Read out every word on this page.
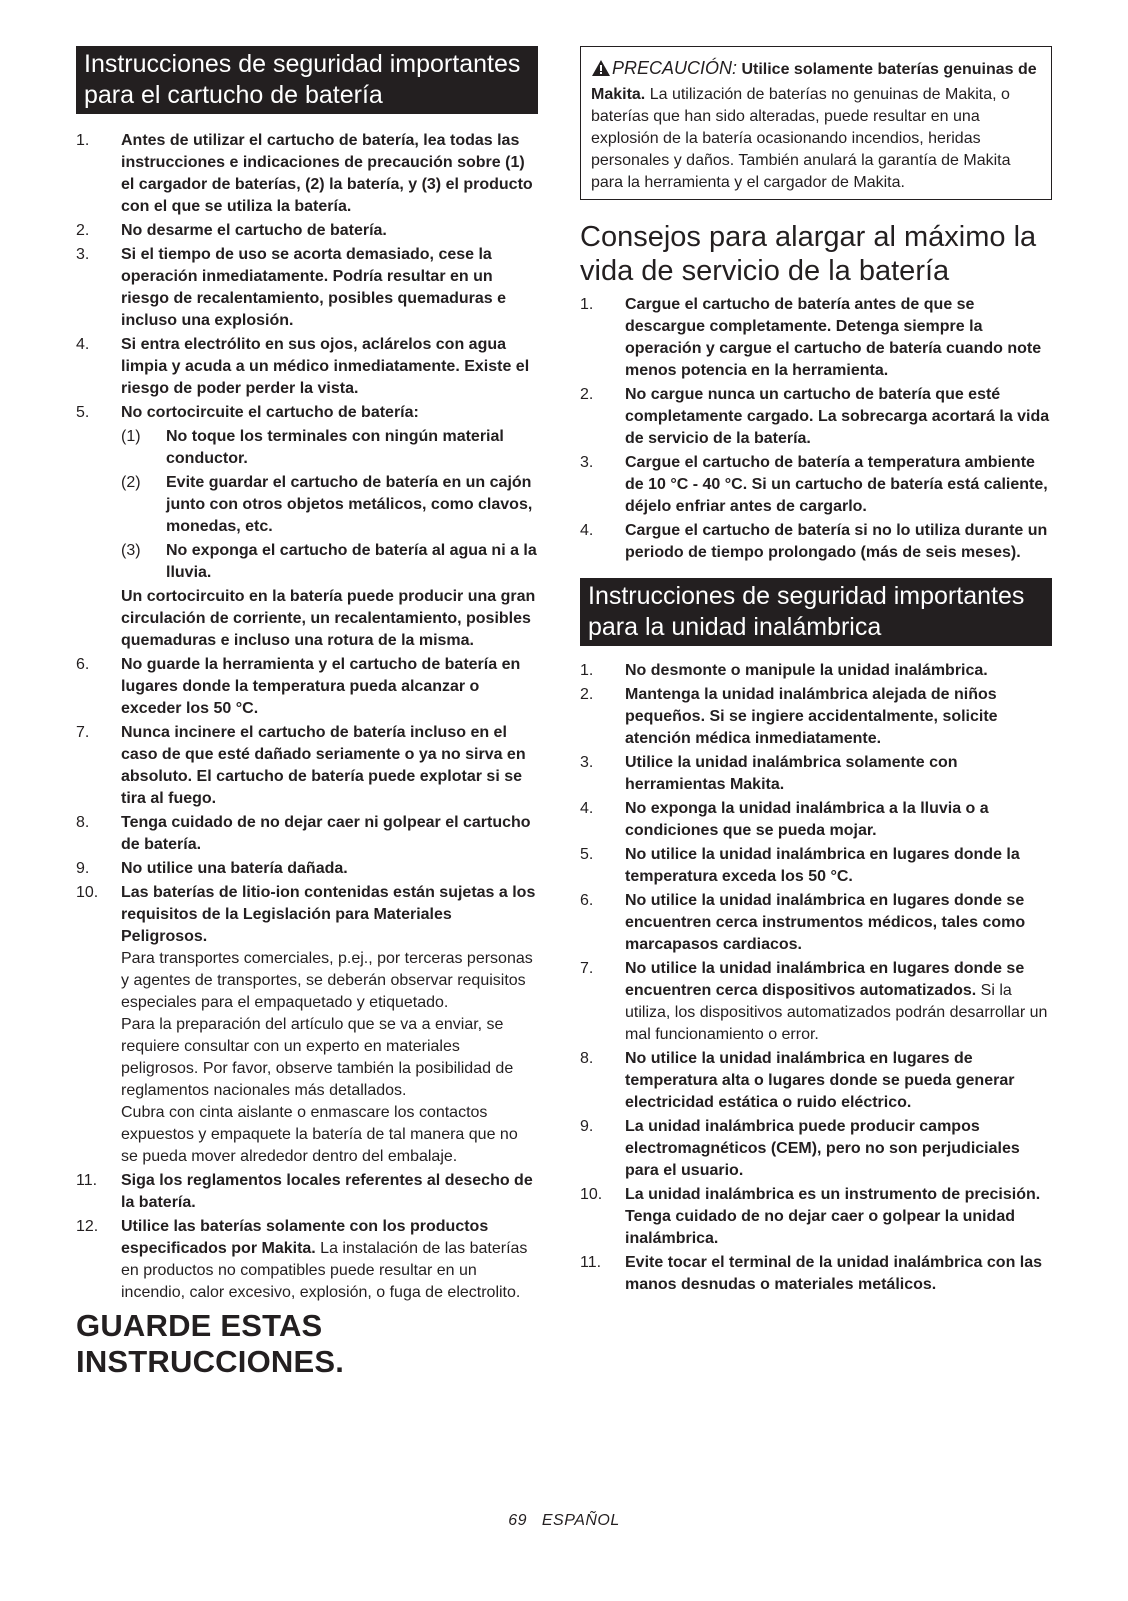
Instrucciones de seguridad importantes para el cartucho de batería
1. Antes de utilizar el cartucho de batería, lea todas las instrucciones e indicaciones de precaución sobre (1) el cargador de baterías, (2) la batería, y (3) el producto con el que se utiliza la batería.
2. No desarme el cartucho de batería.
3. Si el tiempo de uso se acorta demasiado, cese la operación inmediatamente. Podría resultar en un riesgo de recalentamiento, posibles quemaduras e incluso una explosión.
4. Si entra electrólito en sus ojos, aclárelos con agua limpia y acuda a un médico inmediatamente. Existe el riesgo de poder perder la vista.
5. No cortocircuite el cartucho de batería:
(1) No toque los terminales con ningún material conductor.
(2) Evite guardar el cartucho de batería en un cajón junto con otros objetos metálicos, como clavos, monedas, etc.
(3) No exponga el cartucho de batería al agua ni a la lluvia.
Un cortocircuito en la batería puede producir una gran circulación de corriente, un recalentamiento, posibles quemaduras e incluso una rotura de la misma.
6. No guarde la herramienta y el cartucho de batería en lugares donde la temperatura pueda alcanzar o exceder los 50 °C.
7. Nunca incinere el cartucho de batería incluso en el caso de que esté dañado seriamente o ya no sirva en absoluto. El cartucho de batería puede explotar si se tira al fuego.
8. Tenga cuidado de no dejar caer ni golpear el cartucho de batería.
9. No utilice una batería dañada.
10. Las baterías de litio-ion contenidas están sujetas a los requisitos de la Legislación para Materiales Peligrosos.
Para transportes comerciales, p.ej., por terceras personas y agentes de transportes, se deberán observar requisitos especiales para el empaquetado y etiquetado.
Para la preparación del artículo que se va a enviar, se requiere consultar con un experto en materiales peligrosos. Por favor, observe también la posibilidad de reglamentos nacionales más detallados.
Cubra con cinta aislante o enmascare los contactos expuestos y empaquete la batería de tal manera que no se pueda mover alrededor dentro del embalaje.
11. Siga los reglamentos locales referentes al desecho de la batería.
12. Utilice las baterías solamente con los productos especificados por Makita. La instalación de las baterías en productos no compatibles puede resultar en un incendio, calor excesivo, explosión, o fuga de electrolito.
GUARDE ESTAS INSTRUCCIONES.
PRECAUCIÓN: Utilice solamente baterías genuinas de Makita. La utilización de baterías no genuinas de Makita, o baterías que han sido alteradas, puede resultar en una explosión de la batería ocasionando incendios, heridas personales y daños. También anulará la garantía de Makita para la herramienta y el cargador de Makita.
Consejos para alargar al máximo la vida de servicio de la batería
1. Cargue el cartucho de batería antes de que se descargue completamente. Detenga siempre la operación y cargue el cartucho de batería cuando note menos potencia en la herramienta.
2. No cargue nunca un cartucho de batería que esté completamente cargado. La sobrecarga acortará la vida de servicio de la batería.
3. Cargue el cartucho de batería a temperatura ambiente de 10 °C - 40 °C. Si un cartucho de batería está caliente, déjelo enfriar antes de cargarlo.
4. Cargue el cartucho de batería si no lo utiliza durante un periodo de tiempo prolongado (más de seis meses).
Instrucciones de seguridad importantes para la unidad inalámbrica
1. No desmonte o manipule la unidad inalámbrica.
2. Mantenga la unidad inalámbrica alejada de niños pequeños. Si se ingiere accidentalmente, solicite atención médica inmediatamente.
3. Utilice la unidad inalámbrica solamente con herramientas Makita.
4. No exponga la unidad inalámbrica a la lluvia o a condiciones que se pueda mojar.
5. No utilice la unidad inalámbrica en lugares donde la temperatura exceda los 50 °C.
6. No utilice la unidad inalámbrica en lugares donde se encuentren cerca instrumentos médicos, tales como marcapasos cardiacos.
7. No utilice la unidad inalámbrica en lugares donde se encuentren cerca dispositivos automatizados. Si la utiliza, los dispositivos automatizados podrán desarrollar un mal funcionamiento o error.
8. No utilice la unidad inalámbrica en lugares de temperatura alta o lugares donde se pueda generar electricidad estática o ruido eléctrico.
9. La unidad inalámbrica puede producir campos electromagnéticos (CEM), pero no son perjudiciales para el usuario.
10. La unidad inalámbrica es un instrumento de precisión. Tenga cuidado de no dejar caer o golpear la unidad inalámbrica.
11. Evite tocar el terminal de la unidad inalámbrica con las manos desnudas o materiales metálicos.
69 ESPAÑOL
